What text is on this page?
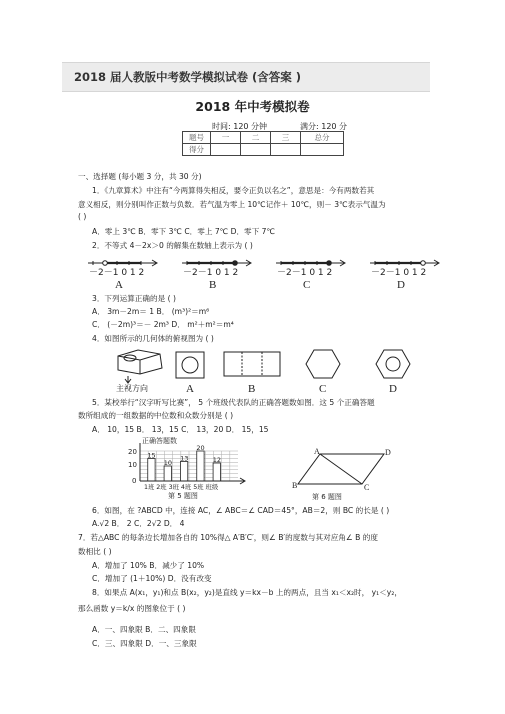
2018 届人教版中考数学模拟试卷 (含答案 )
2018 年中考模拟卷
时间: 120 分钟	满分: 120 分
题号	一	二	三	总分
得分				
一、选择题 (每小题 3 分，共 30 分)
1．《九章算术》中注有“今两算得失相反，要令正负以名之”，意思是：今有两数若其
意义相反，则分别叫作正数与负数．若气温为零上 10℃记作＋ 10℃，则－ 3℃表示气温为
( )
A．零上 3℃ B．零下 3℃ C．零上 7℃ D．零下 7℃
2．不等式 4－2x＞0 的解集在数轴上表示为 ( )
－2－1 0 1 2	－2－1 0 1 2	－2－1 0 1 2	－2－1 0 1 2
A	B	C	D
3．下列运算正确的是 ( )
A． 3m－2m＝ 1 B． (m³)²＝m⁶
C． (－2m)³＝－ 2m³ D． m²＋m²＝m⁴
4．如图所示的几何体的俯视图为 ( )
主视方向	A	B	C	D
5．某校举行“汉字听写比赛”， 5 个班级代表队的正确答题数如图．这 5 个正确答题
数所组成的一组数据的中位数和众数分别是 ( )
A． 10，15 B． 13，15 C． 13，20 D． 15，15
正确答题数
20
10
0
1班 2班 3班 4班 5班 班级
第 5 题图
15
10
13
20
12
A	D
B	C
第 6 题图
6．如图，在 ?ABCD 中，连接 AC，∠ ABC＝∠ CAD＝45°，AB＝2，则 BC 的长是 ( )
A.√2 B． 2 C．2√2 D． 4
7．若△ABC 的每条边长增加各自的 10%得△ A′B′C′，则∠ B′的度数与其对应角∠ B 的度
数相比 ( )
A．增加了 10% B．减少了 10%
C．增加了 (1＋10%) D．没有改变
8．如果点 A(x₁，y₁)和点 B(x₂，y₂)是直线 y＝kx－b 上的两点，且当 x₁＜x₂时， y₁＜y₂，
那么函数 y＝k/x 的图象位于 ( )
A．一、四象限 B．二、四象限
C．三、四象限 D．一、三象限
